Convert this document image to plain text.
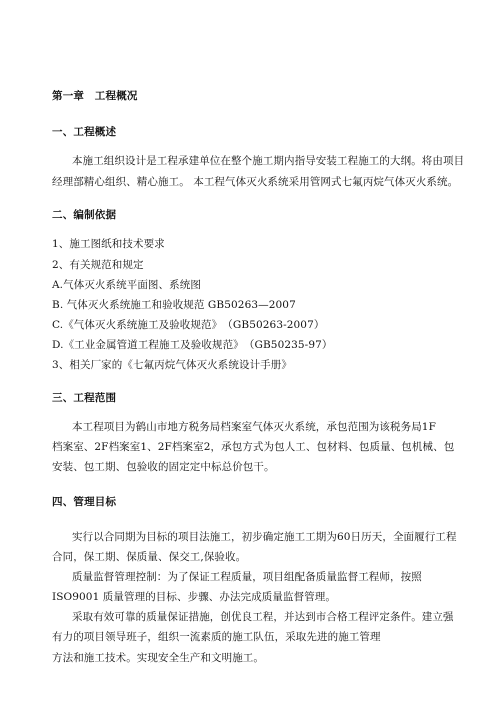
第一章　工程概况
一、工程概述
本施工组织设计是工程承建单位在整个施工期内指导安装工程施工的大纲。将由项目
经理部精心组织、精心施工。 本工程气体灭火系统采用管网式七氟丙烷气体灭火系统。
二、编制依据
1、施工图纸和技术要求
2、有关规范和规定
A.气体灭火系统平面图、系统图
B. 气体灭火系统施工和验收规范 GB50263—2007
C.《气体灭火系统施工及验收规范》　（GB50263-2007）
D.《工业金属管道工程施工及验收规范》　（GB50235-97）
3、相关厂家的《七氟丙烷气体灭火系统设计手册》
三、工程范围
本工程项目为鹤山市地方税务局档案室气体灭火系统，承包范围为该税务局1F
档案室、2F档案室1、2F档案室2，承包方式为包人工、包材料、包质量、包机械、包
安装、包工期、包验收的固定定中标总价包干。
四、管理目标
实行以合同期为目标的项目法施工，初步确定施工工期为60日历天，全面履行工程
合同，保工期、保质量、保交工,保验收。
质量监督管理控制：为了保证工程质量，项目组配备质量监督工程师，按照
ISO9001 质量管理的目标、步骤、办法完成质量监督管理。
采取有效可靠的质量保证措施，创优良工程，并达到市合格工程评定条件。建立强
有力的项目领导班子，组织一流素质的施工队伍，采取先进的施工管理
方法和施工技术。实现安全生产和文明施工。
